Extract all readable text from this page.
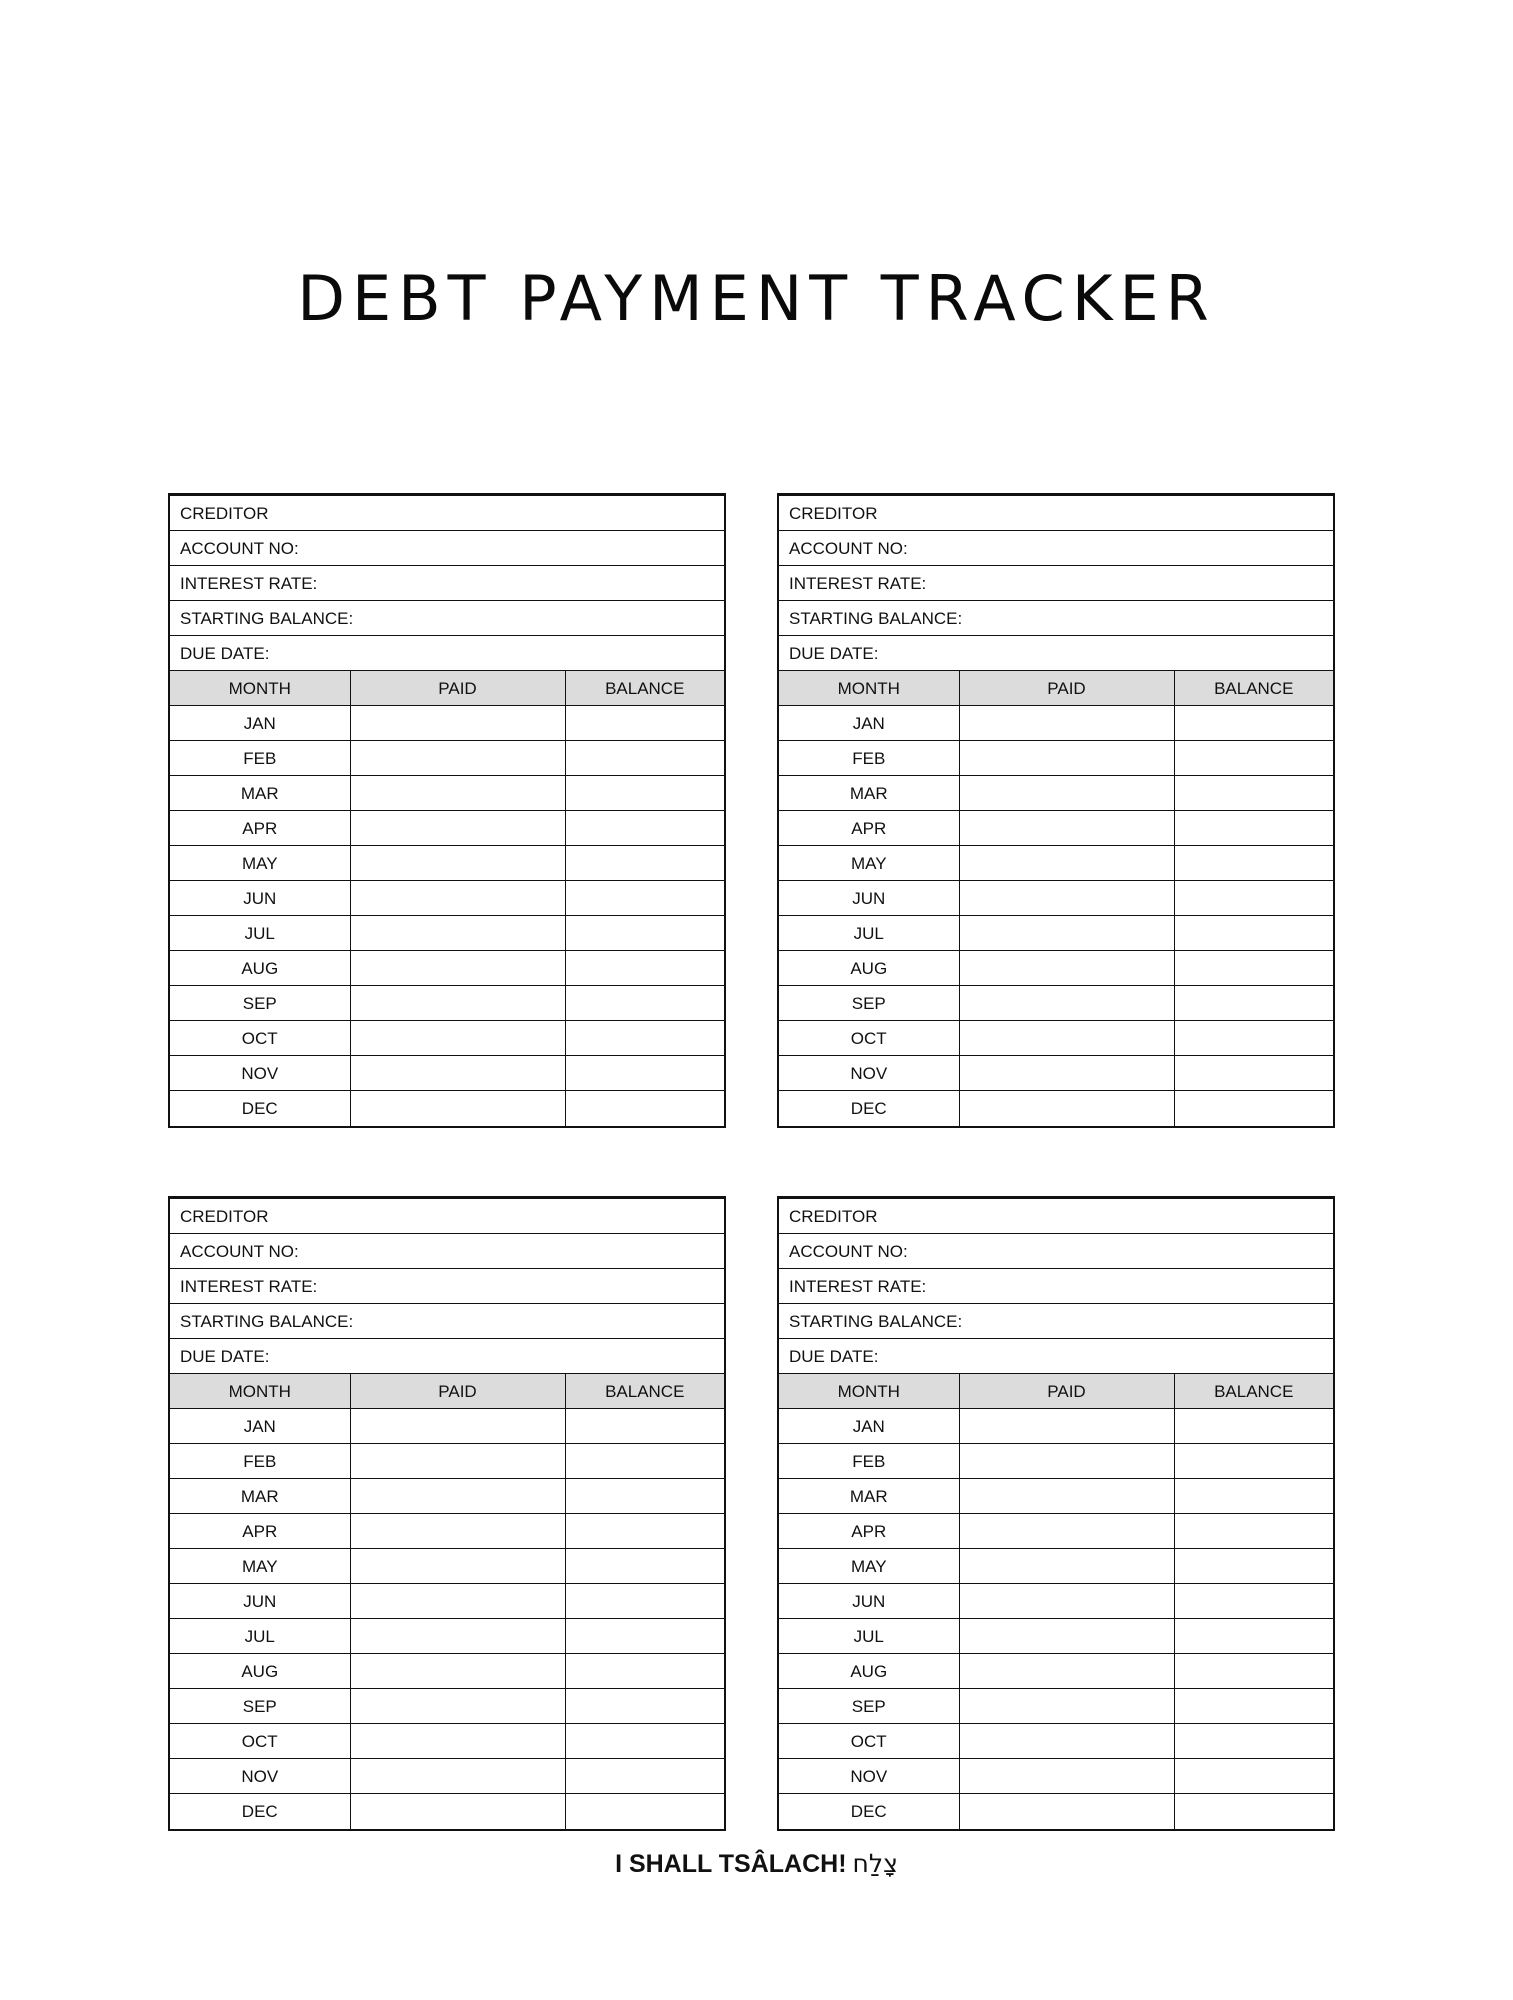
DEBT PAYMENT TRACKER
CREDITOR		
ACCOUNT NO:		
INTEREST RATE:		
STARTING BALANCE:		
DUE DATE:		
MONTH	PAID	BALANCE
JAN		
FEB		
MAR		
APR		
MAY		
JUN		
JUL		
AUG		
SEP		
OCT		
NOV		
DEC		
CREDITOR		
ACCOUNT NO:		
INTEREST RATE:		
STARTING BALANCE:		
DUE DATE:		
MONTH	PAID	BALANCE
JAN		
FEB		
MAR		
APR		
MAY		
JUN		
JUL		
AUG		
SEP		
OCT		
NOV		
DEC		
CREDITOR		
ACCOUNT NO:		
INTEREST RATE:		
STARTING BALANCE:		
DUE DATE:		
MONTH	PAID	BALANCE
JAN		
FEB		
MAR		
APR		
MAY		
JUN		
JUL		
AUG		
SEP		
OCT		
NOV		
DEC		
CREDITOR		
ACCOUNT NO:		
INTEREST RATE:		
STARTING BALANCE:		
DUE DATE:		
MONTH	PAID	BALANCE
JAN		
FEB		
MAR		
APR		
MAY		
JUN		
JUL		
AUG		
SEP		
OCT		
NOV		
DEC		
I SHALL TSÂLACH! צָלַח
